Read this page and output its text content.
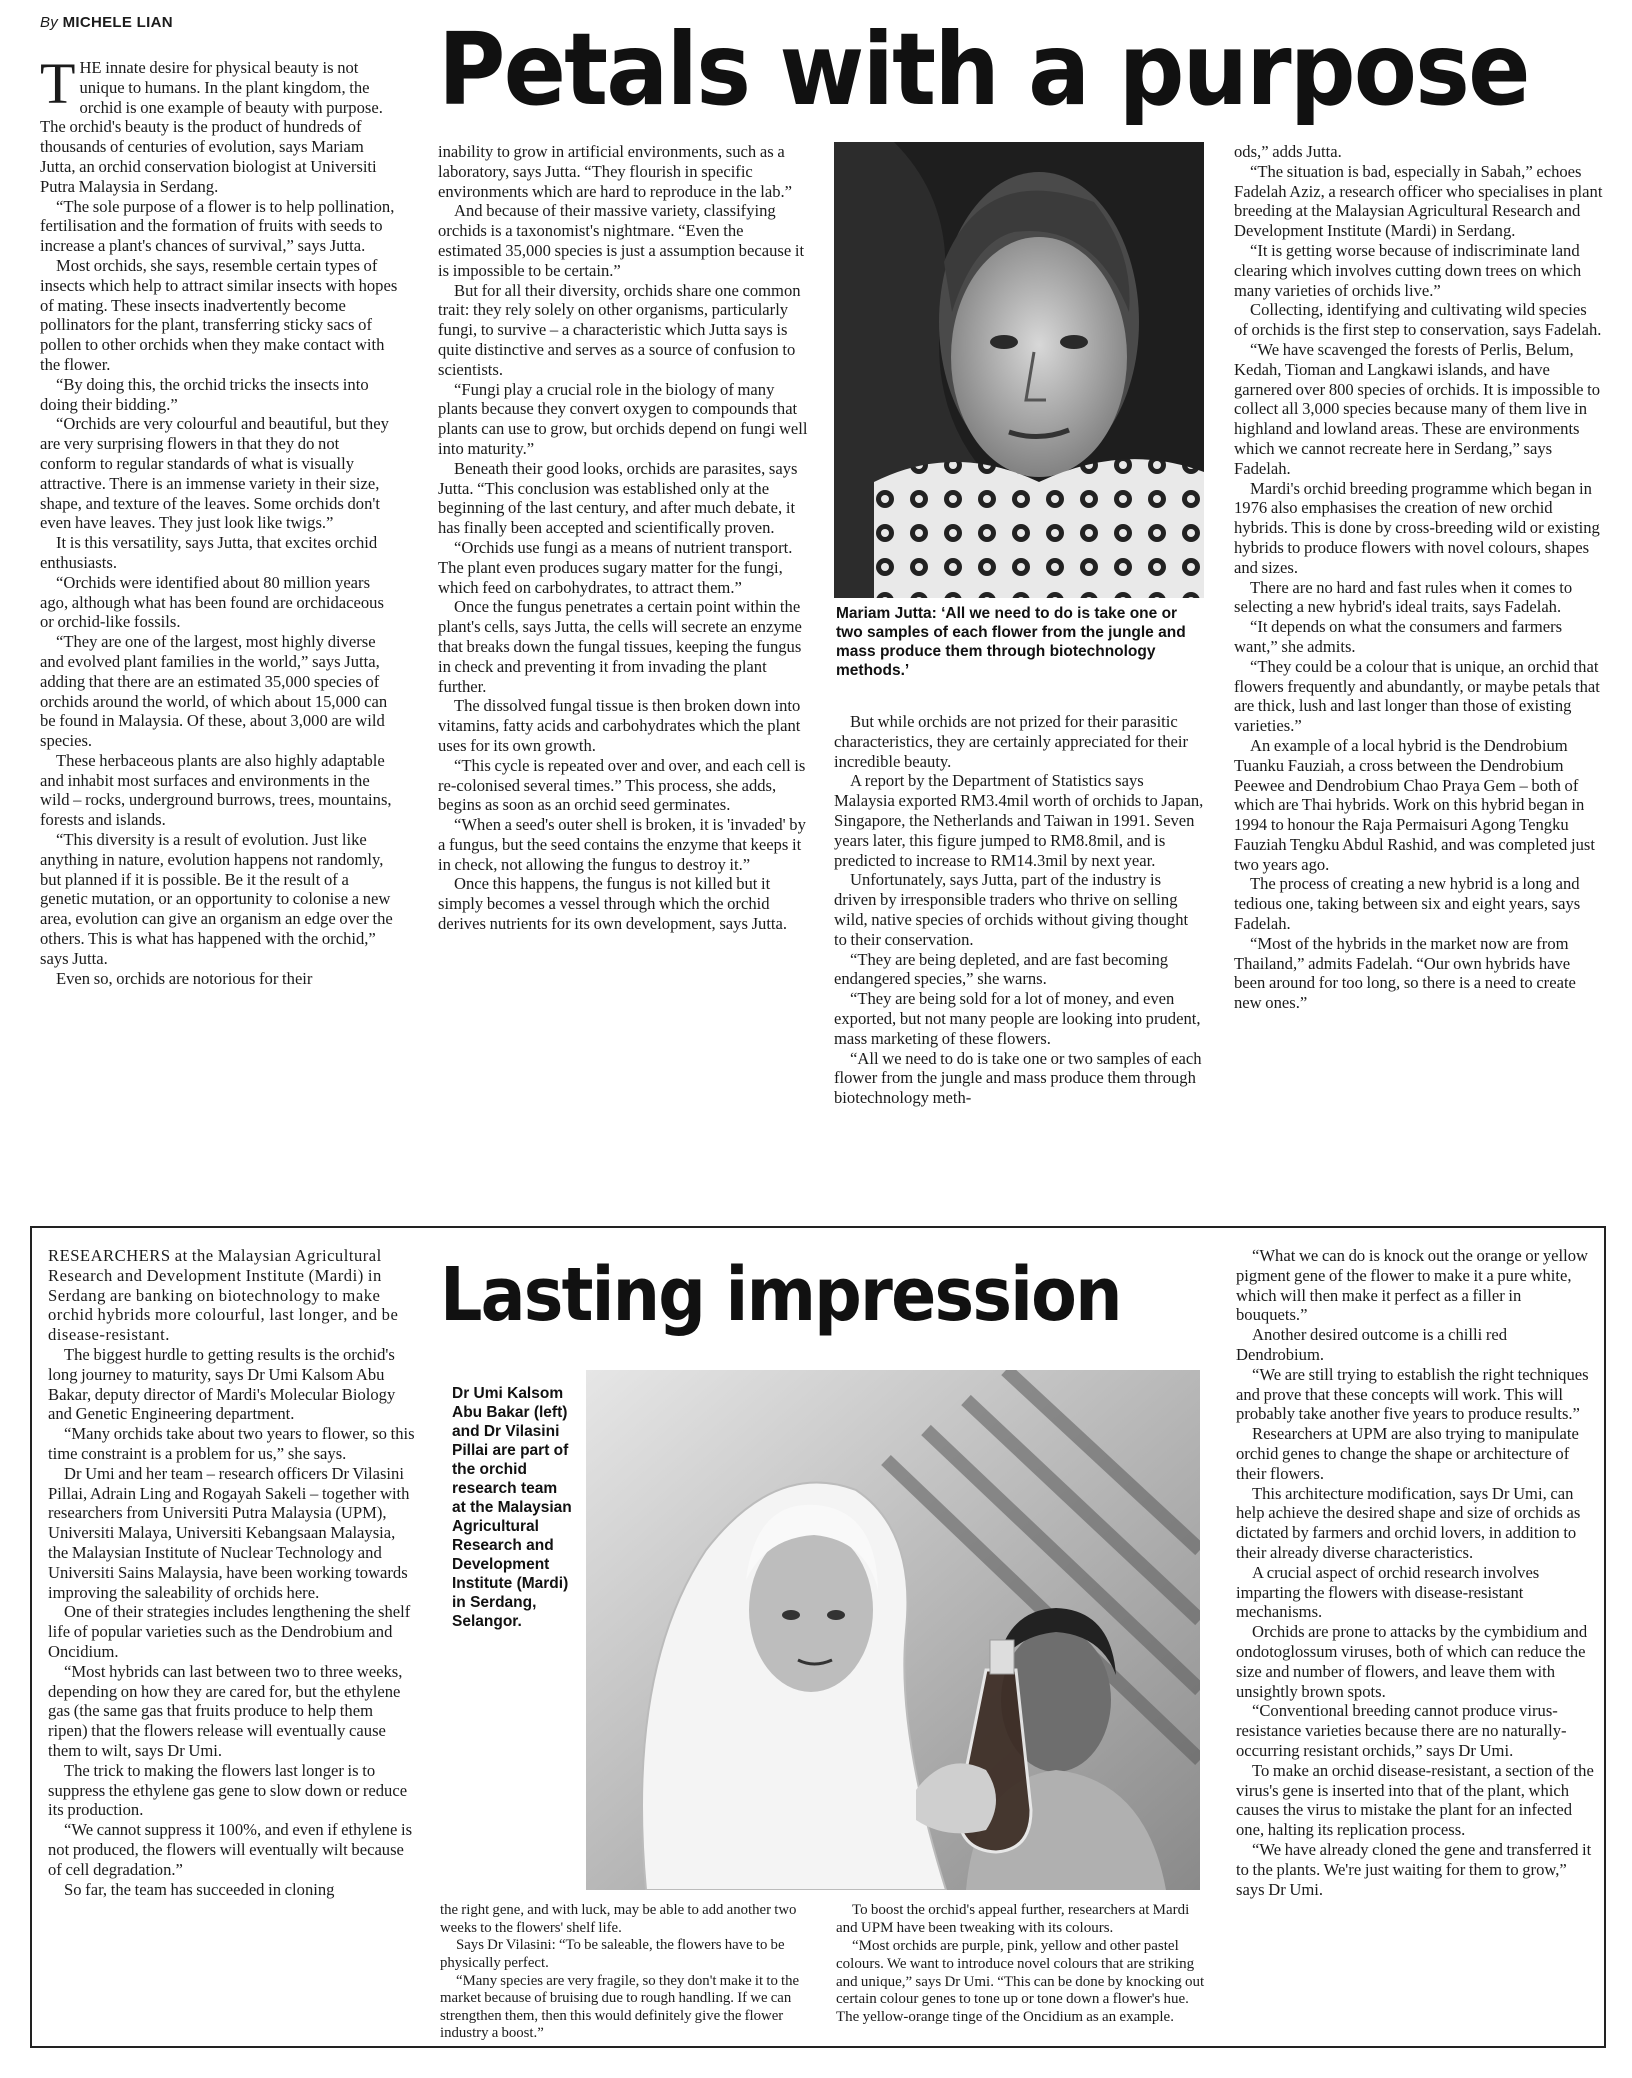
By MICHELE LIAN	Petals with a purpose
T HE innate desire for physical beauty is not unique to humans. In the plant kingdom, the orchid is one example of beauty with purpose. The orchid's beauty is the product of hundreds of thousands of centuries of evolution, says Mariam Jutta, an orchid conservation biologist at Universiti Putra Malaysia in Serdang.

“The sole purpose of a flower is to help pollination, fertilisation and the formation of fruits with seeds to increase a plant's chances of survival,” says Jutta.

Most orchids, she says, resemble certain types of insects which help to attract similar insects with hopes of mating. These insects inadvertently become pollinators for the plant, transferring sticky sacs of pollen to other orchids when they make contact with the flower.

“By doing this, the orchid tricks the insects into doing their bidding.”

“Orchids are very colourful and beautiful, but they are very surprising flowers in that they do not conform to regular standards of what is visually attractive. There is an immense variety in their size, shape, and texture of the leaves. Some orchids don't even have leaves. They just look like twigs.”

It is this versatility, says Jutta, that excites orchid enthusiasts.

“Orchids were identified about 80 million years ago, although what has been found are orchidaceous or orchid-like fossils.

“They are one of the largest, most highly diverse and evolved plant families in the world,” says Jutta, adding that there are an estimated 35,000 species of orchids around the world, of which about 15,000 can be found in Malaysia. Of these, about 3,000 are wild species.

These herbaceous plants are also highly adaptable and inhabit most surfaces and environments in the wild – rocks, underground burrows, trees, mountains, forests and islands.

“This diversity is a result of evolution. Just like anything in nature, evolution happens not randomly, but planned if it is possible. Be it the result of a genetic mutation, or an opportunity to colonise a new area, evolution can give an organism an edge over the others. This is what has happened with the orchid,” says Jutta.

Even so, orchids are notorious for their

inability to grow in artificial environments, such as a laboratory, says Jutta. “They flourish in specific environments which are hard to reproduce in the lab.”

And because of their massive variety, classifying orchids is a taxonomist's nightmare. “Even the estimated 35,000 species is just a assumption because it is impossible to be certain.”

But for all their diversity, orchids share one common trait: they rely solely on other organisms, particularly fungi, to survive – a characteristic which Jutta says is quite distinctive and serves as a source of confusion to scientists.

“Fungi play a crucial role in the biology of many plants because they convert oxygen to compounds that plants can use to grow, but orchids depend on fungi well into maturity.”

Beneath their good looks, orchids are parasites, says Jutta. “This conclusion was established only at the beginning of the last century, and after much debate, it has finally been accepted and scientifically proven.

“Orchids use fungi as a means of nutrient transport. The plant even produces sugary matter for the fungi, which feed on carbohydrates, to attract them.”

Once the fungus penetrates a certain point within the plant's cells, says Jutta, the cells will secrete an enzyme that breaks down the fungal tissues, keeping the fungus in check and preventing it from invading the plant further.

The dissolved fungal tissue is then broken down into vitamins, fatty acids and carbohydrates which the plant uses for its own growth.

“This cycle is repeated over and over, and each cell is re-colonised several times.” This process, she adds, begins as soon as an orchid seed germinates.

“When a seed's outer shell is broken, it is 'invaded' by a fungus, but the seed contains the enzyme that keeps it in check, not allowing the fungus to destroy it.”

Once this happens, the fungus is not killed but it simply becomes a vessel through which the orchid derives nutrients for its own development, says Jutta.

Mariam Jutta: ‘All we need to do is take one or two samples of each flower from the jungle and mass produce them through biotechnology methods.’

But while orchids are not prized for their parasitic characteristics, they are certainly appreciated for their incredible beauty.

A report by the Department of Statistics says Malaysia exported RM3.4mil worth of orchids to Japan, Singapore, the Netherlands and Taiwan in 1991. Seven years later, this figure jumped to RM8.8mil, and is predicted to increase to RM14.3mil by next year.

Unfortunately, says Jutta, part of the industry is driven by irresponsible traders who thrive on selling wild, native species of orchids without giving thought to their conservation.

“They are being depleted, and are fast becoming endangered species,” she warns.

“They are being sold for a lot of money, and even exported, but not many people are looking into prudent, mass marketing of these flowers.

“All we need to do is take one or two samples of each flower from the jungle and mass produce them through biotechnology meth-

ods,” adds Jutta.

“The situation is bad, especially in Sabah,” echoes Fadelah Aziz, a research officer who specialises in plant breeding at the Malaysian Agricultural Research and Development Institute (Mardi) in Serdang.

“It is getting worse because of indiscriminate land clearing which involves cutting down trees on which many varieties of orchids live.”

Collecting, identifying and cultivating wild species of orchids is the first step to conservation, says Fadelah.

“We have scavenged the forests of Perlis, Belum, Kedah, Tioman and Langkawi islands, and have garnered over 800 species of orchids. It is impossible to collect all 3,000 species because many of them live in highland and lowland areas. These are environments which we cannot recreate here in Serdang,” says Fadelah.

Mardi's orchid breeding programme which began in 1976 also emphasises the creation of new orchid hybrids. This is done by cross-breeding wild or existing hybrids to produce flowers with novel colours, shapes and sizes.

There are no hard and fast rules when it comes to selecting a new hybrid's ideal traits, says Fadelah.

“It depends on what the consumers and farmers want,” she admits.

“They could be a colour that is unique, an orchid that flowers frequently and abundantly, or maybe petals that are thick, lush and last longer than those of existing varieties.”

An example of a local hybrid is the Dendrobium Tuanku Fauziah, a cross between the Dendrobium Peewee and Dendrobium Chao Praya Gem – both of which are Thai hybrids. Work on this hybrid began in 1994 to honour the Raja Permaisuri Agong Tengku Fauziah Tengku Abdul Rashid, and was completed just two years ago.

The process of creating a new hybrid is a long and tedious one, taking between six and eight years, says Fadelah.

“Most of the hybrids in the market now are from Thailand,” admits Fadelah. “Our own hybrids have been around for too long, so there is a need to create new ones.”

Lasting impression

RESEARCHERS at the Malaysian Agricultural Research and Development Institute (Mardi) in Serdang are banking on biotechnology to make orchid hybrids more colourful, last longer, and be disease-resistant.

The biggest hurdle to getting results is the orchid's long journey to maturity, says Dr Umi Kalsom Abu Bakar, deputy director of Mardi's Molecular Biology and Genetic Engineering department.

“Many orchids take about two years to flower, so this time constraint is a problem for us,” she says.

Dr Umi and her team – research officers Dr Vilasini Pillai, Adrain Ling and Rogayah Sakeli – together with researchers from Universiti Putra Malaysia (UPM), Universiti Malaya, Universiti Kebangsaan Malaysia, the Malaysian Institute of Nuclear Technology and Universiti Sains Malaysia, have been working towards improving the saleability of orchids here.

One of their strategies includes lengthening the shelf life of popular varieties such as the Dendrobium and Oncidium.

“Most hybrids can last between two to three weeks, depending on how they are cared for, but the ethylene gas (the same gas that fruits produce to help them ripen) that the flowers release will eventually cause them to wilt, says Dr Umi.

The trick to making the flowers last longer is to suppress the ethylene gas gene to slow down or reduce its production.

“We cannot suppress it 100%, and even if ethylene is not produced, the flowers will eventually wilt because of cell degradation.”

So far, the team has succeeded in cloning

Dr Umi Kalsom Abu Bakar (left) and Dr Vilasini Pillai are part of the orchid research team at the Malaysian Agricultural Research and Development Institute (Mardi) in Serdang, Selangor.

the right gene, and with luck, may be able to add another two weeks to the flowers' shelf life.

Says Dr Vilasini: “To be saleable, the flowers have to be physically perfect.

“Many species are very fragile, so they don't make it to the market because of bruising due to rough handling. If we can strengthen them, then this would definitely give the flower industry a boost.”

To boost the orchid's appeal further, researchers at Mardi and UPM have been tweaking with its colours.

“Most orchids are purple, pink, yellow and other pastel colours. We want to introduce novel colours that are striking and unique,” says Dr Umi. “This can be done by knocking out certain colour genes to tone up or tone down a flower's hue. The yellow-orange tinge of the Oncidium as an example.

“What we can do is knock out the orange or yellow pigment gene of the flower to make it a pure white, which will then make it perfect as a filler in bouquets.”

Another desired outcome is a chilli red Dendrobium.

“We are still trying to establish the right techniques and prove that these concepts will work. This will probably take another five years to produce results.”

Researchers at UPM are also trying to manipulate orchid genes to change the shape or architecture of their flowers.

This architecture modification, says Dr Umi, can help achieve the desired shape and size of orchids as dictated by farmers and orchid lovers, in addition to their already diverse characteristics.

A crucial aspect of orchid research involves imparting the flowers with disease-resistant mechanisms.

Orchids are prone to attacks by the cymbidium and ondotoglossum viruses, both of which can reduce the size and number of flowers, and leave them with unsightly brown spots.

“Conventional breeding cannot produce virus-resistance varieties because there are no naturally-occurring resistant orchids,” says Dr Umi.

To make an orchid disease-resistant, a section of the virus's gene is inserted into that of the plant, which causes the virus to mistake the plant for an infected one, halting its replication process.

“We have already cloned the gene and transferred it to the plants. We're just waiting for them to grow,” says Dr Umi.
